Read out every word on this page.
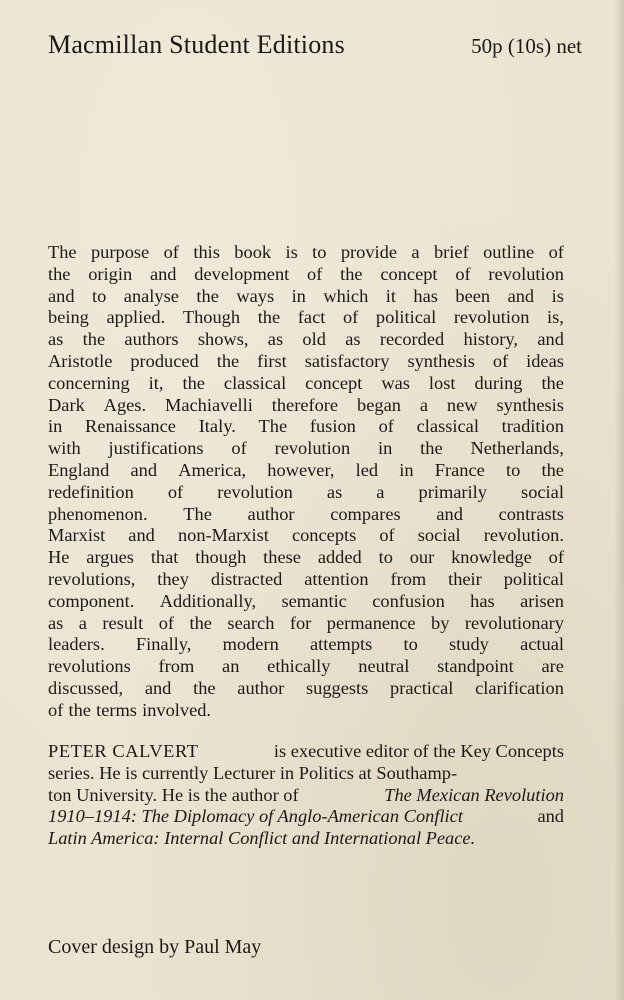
Macmillan Student Editions	50p (10s) net
The purpose of this book is to provide a brief outline of
the origin and development of the concept of revolution
and to analyse the ways in which it has been and is
being applied. Though the fact of political revolution is,
as the authors shows, as old as recorded history, and
Aristotle produced the first satisfactory synthesis of ideas
concerning it, the classical concept was lost during the
Dark Ages. Machiavelli therefore began a new synthesis
in Renaissance Italy. The fusion of classical tradition
with justifications of revolution in the Netherlands,
England and America, however, led in France to the
redefinition of revolution as a primarily social
phenomenon. The author compares and contrasts
Marxist and non-Marxist concepts of social revolution.
He argues that though these added to our knowledge of
revolutions, they distracted attention from their political
component. Additionally, semantic confusion has arisen
as a result of the search for permanence by revolutionary
leaders. Finally, modern attempts to study actual
revolutions from an ethically neutral standpoint are
discussed, and the author suggests practical clarification
of the terms involved.
PETER CALVERT	is executive editor of the Key Concepts
series. He is currently Lecturer in Politics at Southamp-
ton University. He is the author of	The Mexican Revolution
1910–1914: The Diplomacy of Anglo-American Conflict	and
Latin America: Internal Conflict and International Peace.
Cover design by Paul May
